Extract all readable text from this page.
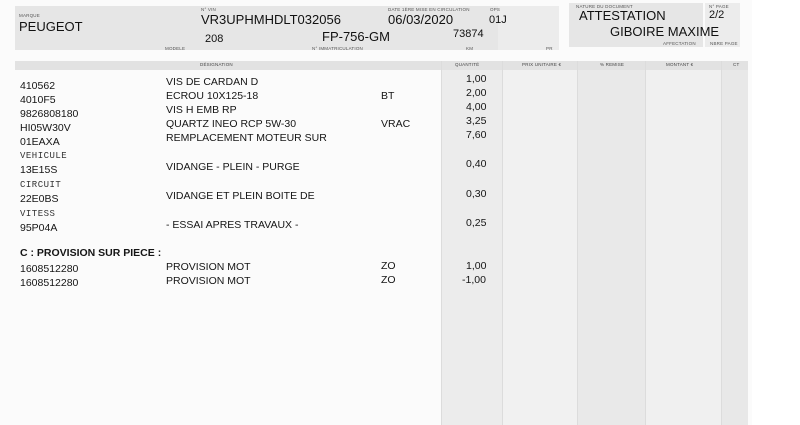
MARQUE
PEUGEOT
N° VIN
VR3UPHMHDLT032056
DATE 1ÈRE MISE EN CIRCULATION
06/03/2020
OPS
01J
208
MODELE
FP-756-GM
N° IMMATRICULATION
73874
KM	PR
NATURE DU DOCUMENT
ATTESTATION
N° PAGE
2/2
GIBOIRE MAXIME
AFFECTATION	NBRE PAGE
DÉSIGNATION	QUANTITÉ	PRIX UNITAIRE €	% REMISE	MONTANT €	CT
410562	VIS DE CARDAN D	1,00
4010F5	ECROU 10X125-18	BT	2,00
9826808180	VIS H EMB RP	4,00
HI05W30V	QUARTZ INEO RCP 5W-30	VRAC	3,25
01EAXA	REMPLACEMENT MOTEUR SUR	7,60
VEHICULE
13E15S	VIDANGE - PLEIN - PURGE	0,40
CIRCUIT
22E0BS	VIDANGE ET PLEIN BOITE DE	0,30
VITESS
95P04A	- ESSAI APRES TRAVAUX -	0,25
C : PROVISION SUR PIECE :
1608512280	PROVISION MOT	ZO	1,00
1608512280	PROVISION MOT	ZO	-1,00
